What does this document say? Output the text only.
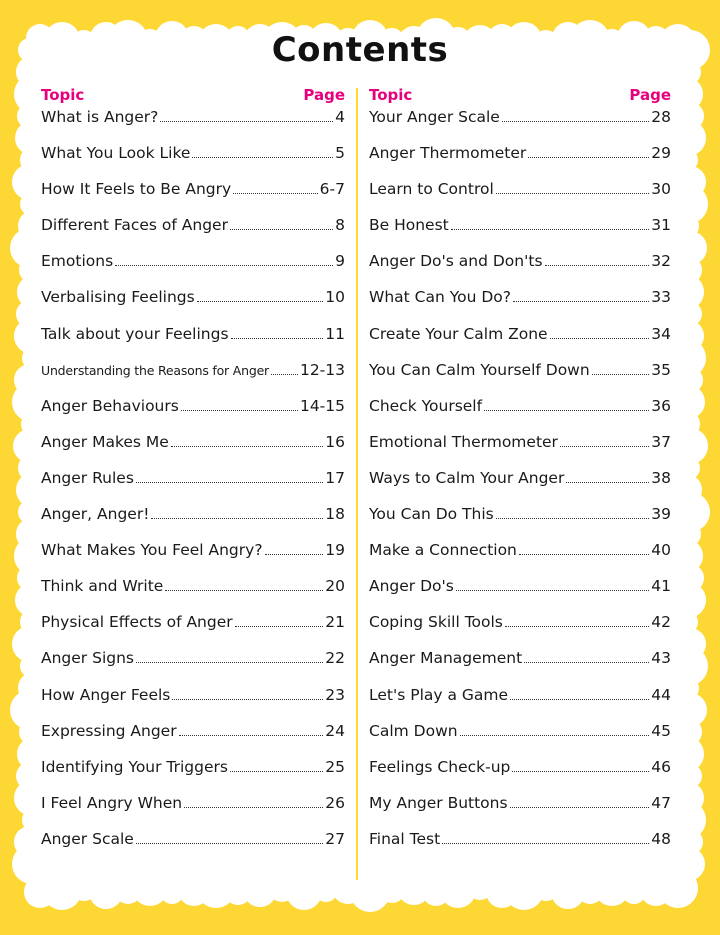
Contents
Topic	Page
What is Anger?	4
What You Look Like	5
How It Feels to Be Angry	6-7
Different Faces of Anger	8
Emotions	9
Verbalising Feelings	10
Talk about your Feelings	11
Understanding the Reasons for Anger 12-13
Anger Behaviours	14-15
Anger Makes Me	16
Anger Rules	17
Anger, Anger!	18
What Makes You Feel Angry?	19
Think and Write	20
Physical Effects of Anger	21
Anger Signs	22
How Anger Feels	23
Expressing Anger	24
Identifying Your Triggers	25
I Feel Angry When	26
Anger Scale	27
Topic	Page
Your Anger Scale	28
Anger Thermometer	29
Learn to Control	30
Be Honest	31
Anger Do's and Don'ts	32
What Can You Do?	33
Create Your Calm Zone	34
You Can Calm Yourself Down	35
Check Yourself	36
Emotional Thermometer	37
Ways to Calm Your Anger	38
You Can Do This	39
Make a Connection	40
Anger Do's	41
Coping Skill Tools	42
Anger Management	43
Let's Play a Game	44
Calm Down	45
Feelings Check-up	46
My Anger Buttons	47
Final Test	48
